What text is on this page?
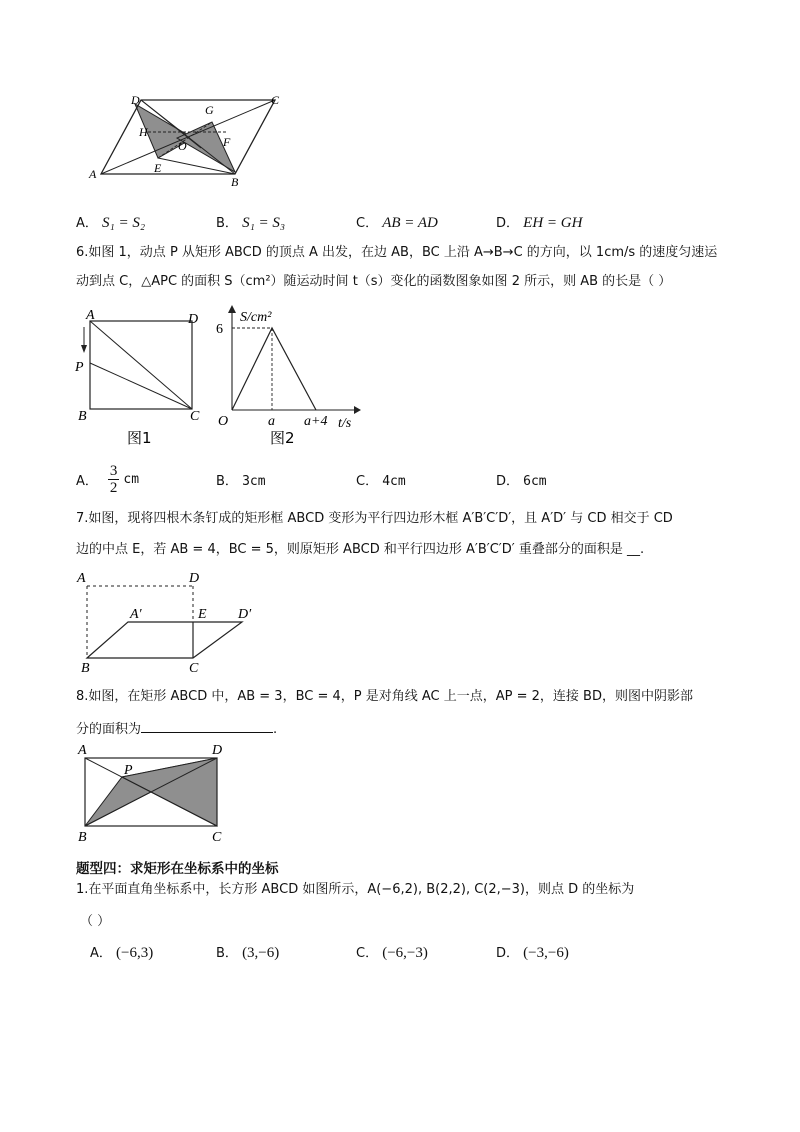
D
G
C
H
O	F
E
A
B
A． S₁ = S₂	B． S₁ = S₃	C． AB = AD	D． EH = GH
6.如图 1，动点 P 从矩形 ABCD 的顶点 A 出发，在边 AB，BC 上沿 A→B→C 的方向，以 1cm/s 的速度匀速运
动到点 C，△APC 的面积 S（cm²）随运动时间 t（s）变化的函数图象如图 2 所示，则 AB 的长是（ ）
A	D
P
B	C
图1
S/cm²
6
O	a a+4 t/s
图2
A． $\frac{3}{2}$ cm	B． 3cm	C． 4cm	D． 6cm
7.如图，现将四根木条钉成的矩形框 ABCD 变形为平行四边形木框 A′B′C′D′，且 A′D′ 与 CD 相交于 CD
边的中点 E，若 AB = 4，BC = 5，则原矩形 ABCD 和平行四边形 A′B′C′D′ 重叠部分的面积是 __.
A	D
A′	E D′
B	C
8.如图，在矩形 ABCD 中，AB = 3，BC = 4，P 是对角线 AC 上一点，AP = 2，连接 BD，则图中阴影部
分的面积为	.
A	D
P
B	C
题型四：求矩形在坐标系中的坐标
1.在平面直角坐标系中，长方形 ABCD 如图所示，A(−6,2), B(2,2), C(2,−3)，则点 D 的坐标为
（ ）
A． (−6,3)	B． (3,−6)	C． (−6,−3)	D． (−3,−6)
